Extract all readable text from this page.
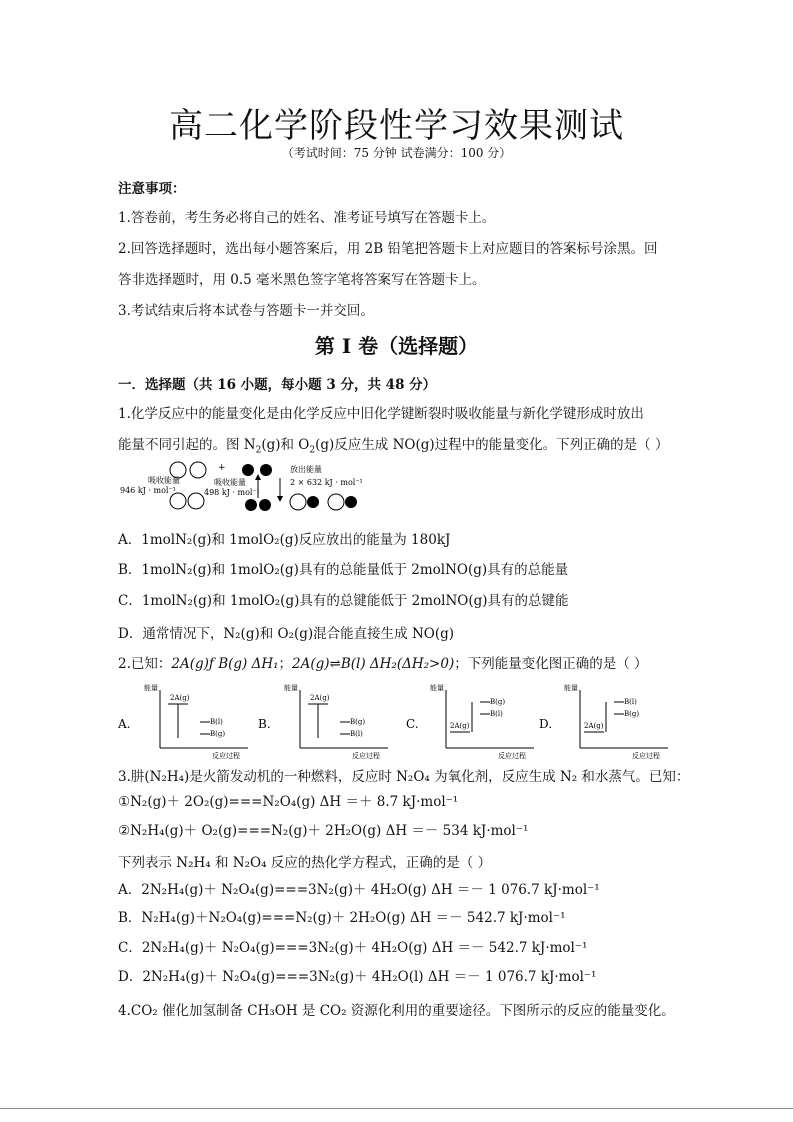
高二化学阶段性学习效果测试
（考试时间：75 分钟 试卷满分：100 分）
注意事项：
1.答卷前，考生务必将自己的姓名、准考证号填写在答题卡上。
2.回答选择题时，选出每小题答案后，用 2B 铅笔把答题卡上对应题目的答案标号涂黑。回
答非选择题时，用 0.5 毫米黑色签字笔将答案写在答题卡上。
3.考试结束后将本试卷与答题卡一并交回。
第 I 卷（选择题）
一．选择题（共 16 小题，每小题 3 分，共 48 分）
1.化学反应中的能量变化是由化学反应中旧化学键断裂时吸收能量与新化学键形成时放出
能量不同引起的。图 $N_2(g)$和 $O_2(g)$反应生成 NO(g)过程中的能量变化。下列正确的是（ ）
吸收能量
946 kJ · mol⁻¹
+
吸收能量
498 kJ · mol⁻¹
放出能量
2 × 632 kJ · mol⁻¹
A．1molN₂(g)和 1molO₂(g)反应放出的能量为 180kJ
B．1molN₂(g)和 1molO₂(g)具有的总能量低于 2molNO(g)具有的总能量
C．1molN₂(g)和 1molO₂(g)具有的总键能低于 2molNO(g)具有的总键能
D．通常情况下，N₂(g)和 O₂(g)混合能直接生成 NO(g)
2.已知：2A(g)ƒ B(g) ΔH₁；2A(g)⇌B(l) ΔH₂(ΔH₂>0)；下列能量变化图正确的是（ ）
A.
能量
反应过程
2A(g)
B(l)
B(g)
B.
能量
反应过程
2A(g)
B(g)
B(l)
C.
能量
反应过程
2A(g)
B(g)
B(l)
D.
能量
反应过程
2A(g)
B(l)
B(g)
3.肼(N₂H₄)是火箭发动机的一种燃料，反应时 N₂O₄ 为氧化剂，反应生成 N₂ 和水蒸气。已知：
①N₂(g)＋ 2O₂(g)===N₂O₄(g) ΔH ＝＋ 8.7 kJ·mol⁻¹
②N₂H₄(g)＋ O₂(g)===N₂(g)＋ 2H₂O(g) ΔH ＝－ 534 kJ·mol⁻¹
下列表示 N₂H₄ 和 N₂O₄ 反应的热化学方程式，正确的是（ ）
A．2N₂H₄(g)＋ N₂O₄(g)===3N₂(g)＋ 4H₂O(g) ΔH ＝－ 1 076.7 kJ·mol⁻¹
B．N₂H₄(g)＋N₂O₄(g)===N₂(g)＋ 2H₂O(g) ΔH ＝－ 542.7 kJ·mol⁻¹
C．2N₂H₄(g)＋ N₂O₄(g)===3N₂(g)＋ 4H₂O(g) ΔH ＝－ 542.7 kJ·mol⁻¹
D．2N₂H₄(g)＋ N₂O₄(g)===3N₂(g)＋ 4H₂O(l) ΔH ＝－ 1 076.7 kJ·mol⁻¹
4.CO₂ 催化加氢制备 CH₃OH 是 CO₂ 资源化利用的重要途径。下图所示的反应的能量变化。
